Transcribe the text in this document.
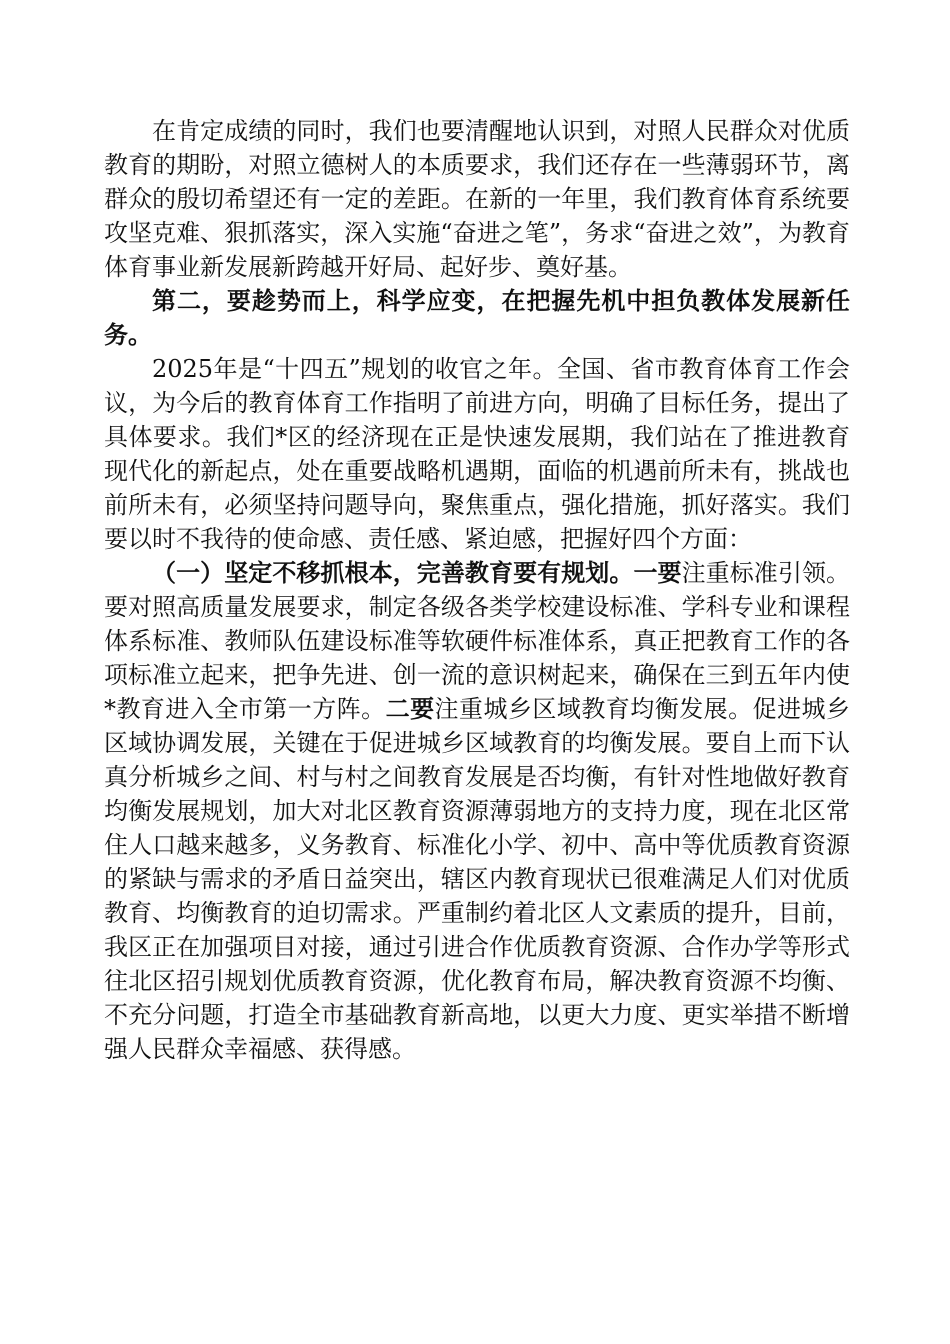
在肯定成绩的同时，我们也要清醒地认识到，对照人民群众对优质教育的期盼，对照立德树人的本质要求，我们还存在一些薄弱环节，离群众的殷切希望还有一定的差距。在新的一年里，我们教育体育系统要攻坚克难、狠抓落实，深入实施“奋进之笔”，务求“奋进之效”，为教育体育事业新发展新跨越开好局、起好步、奠好基。

第二，要趁势而上，科学应变，在把握先机中担负教体发展新任务。

2025年是“十四五”规划的收官之年。全国、省市教育体育工作会议，为今后的教育体育工作指明了前进方向，明确了目标任务，提出了具体要求。我们*区的经济现在正是快速发展期，我们站在了推进教育现代化的新起点，处在重要战略机遇期，面临的机遇前所未有，挑战也前所未有，必须坚持问题导向，聚焦重点，强化措施，抓好落实。我们要以时不我待的使命感、责任感、紧迫感，把握好四个方面：

（一）坚定不移抓根本，完善教育要有规划。一要注重标准引领。要对照高质量发展要求，制定各级各类学校建设标准、学科专业和课程体系标准、教师队伍建设标准等软硬件标准体系，真正把教育工作的各项标准立起来，把争先进、创一流的意识树起来，确保在三到五年内使*教育进入全市第一方阵。二要注重城乡区域教育均衡发展。促进城乡区域协调发展，关键在于促进城乡区域教育的均衡发展。要自上而下认真分析城乡之间、村与村之间教育发展是否均衡，有针对性地做好教育均衡发展规划，加大对北区教育资源薄弱地方的支持力度，现在北区常住人口越来越多，义务教育、标准化小学、初中、高中等优质教育资源的紧缺与需求的矛盾日益突出，辖区内教育现状已很难满足人们对优质教育、均衡教育的迫切需求。严重制约着北区人文素质的提升，目前，我区正在加强项目对接，通过引进合作优质教育资源、合作办学等形式往北区招引规划优质教育资源，优化教育布局，解决教育资源不均衡、不充分问题，打造全市基础教育新高地，以更大力度、更实举措不断增强人民群众幸福感、获得感。
